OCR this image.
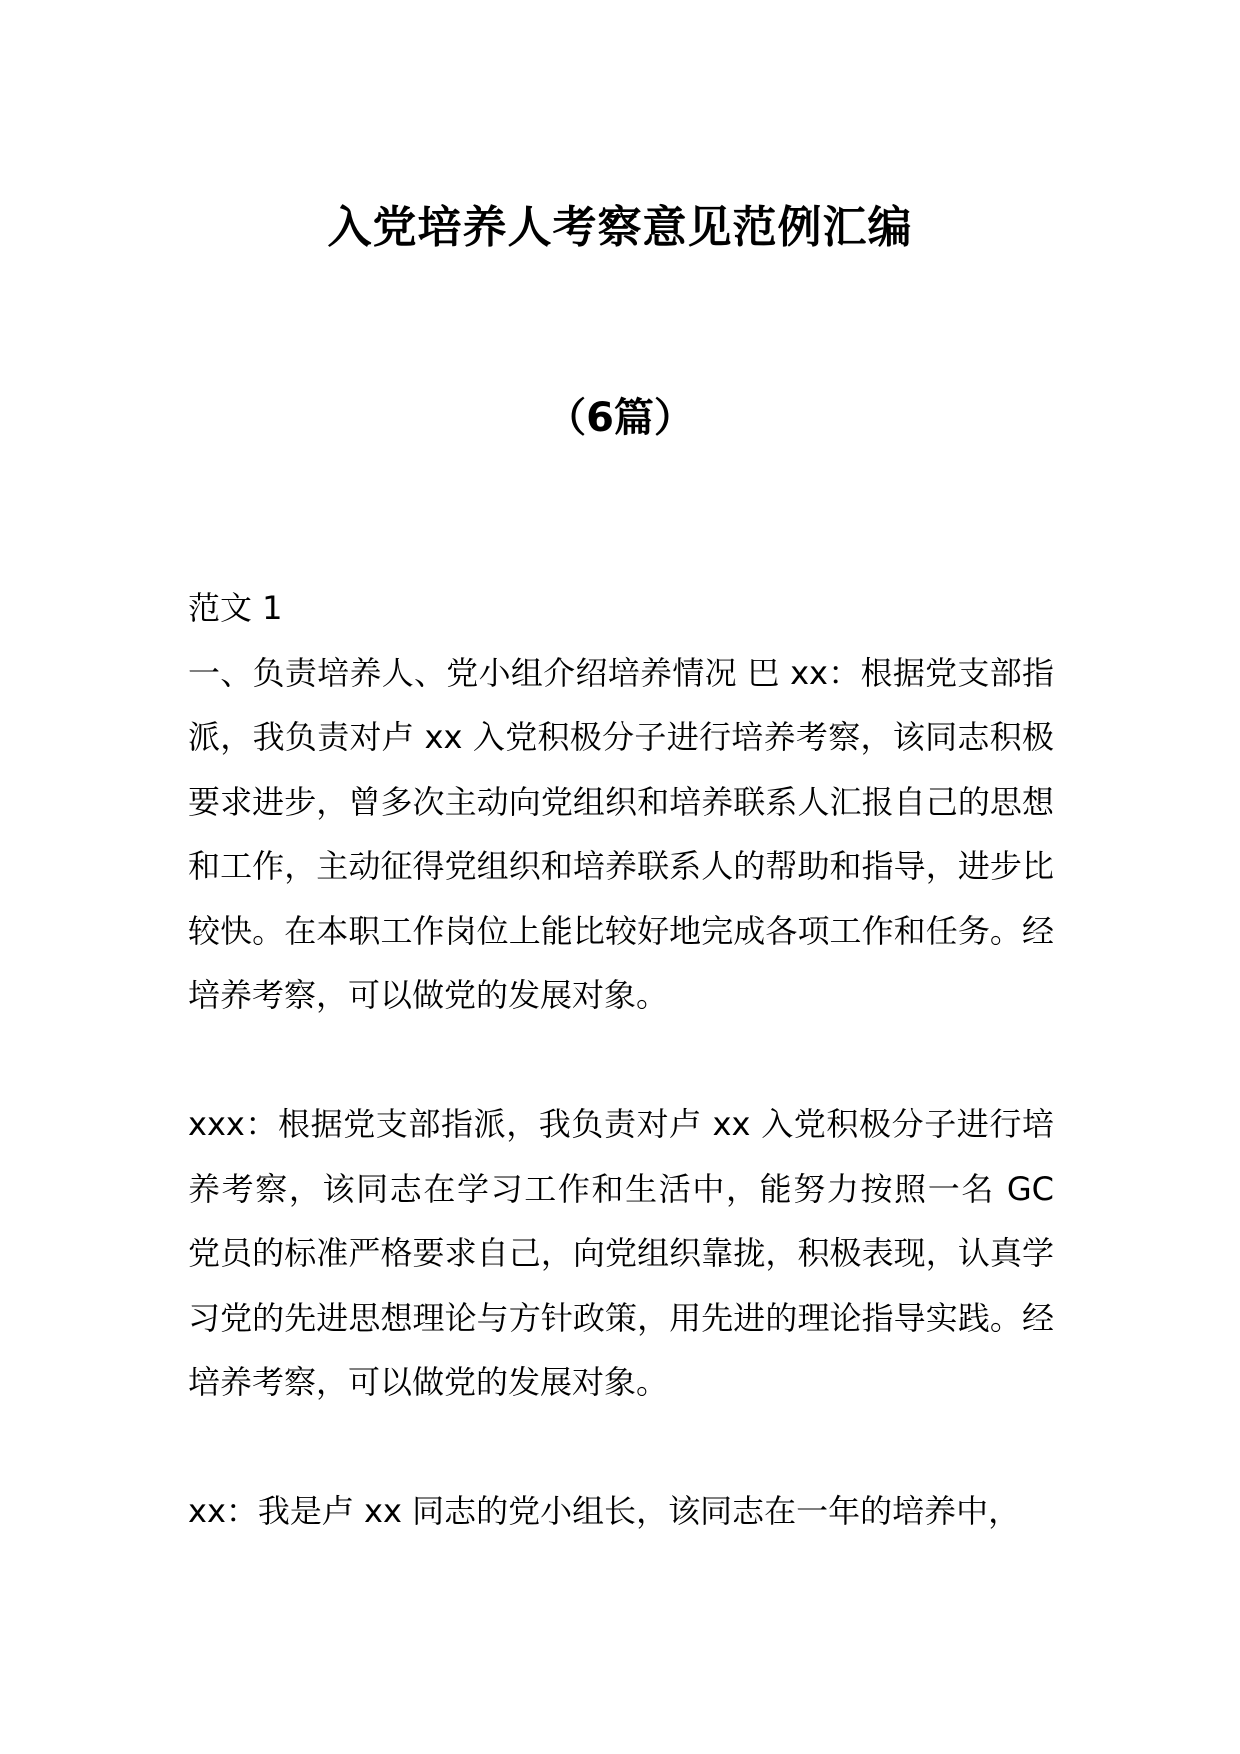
入党培养人考察意见范例汇编
（6篇）

范文 1

一、负责培养人、党小组介绍培养情况 巴 xx：根据党支部指派，我负责对卢 xx 入党积极分子进行培养考察，该同志积极要求进步，曾多次主动向党组织和培养联系人汇报自己的思想和工作，主动征得党组织和培养联系人的帮助和指导，进步比较快。在本职工作岗位上能比较好地完成各项工作和任务。经培养考察，可以做党的发展对象。

xxx：根据党支部指派，我负责对卢 xx 入党积极分子进行培养考察，该同志在学习工作和生活中，能努力按照一名 GC 党员的标准严格要求自己，向党组织靠拢，积极表现，认真学习党的先进思想理论与方针政策，用先进的理论指导实践。经培养考察，可以做党的发展对象。

xx：我是卢 xx 同志的党小组长，该同志在一年的培养中，
